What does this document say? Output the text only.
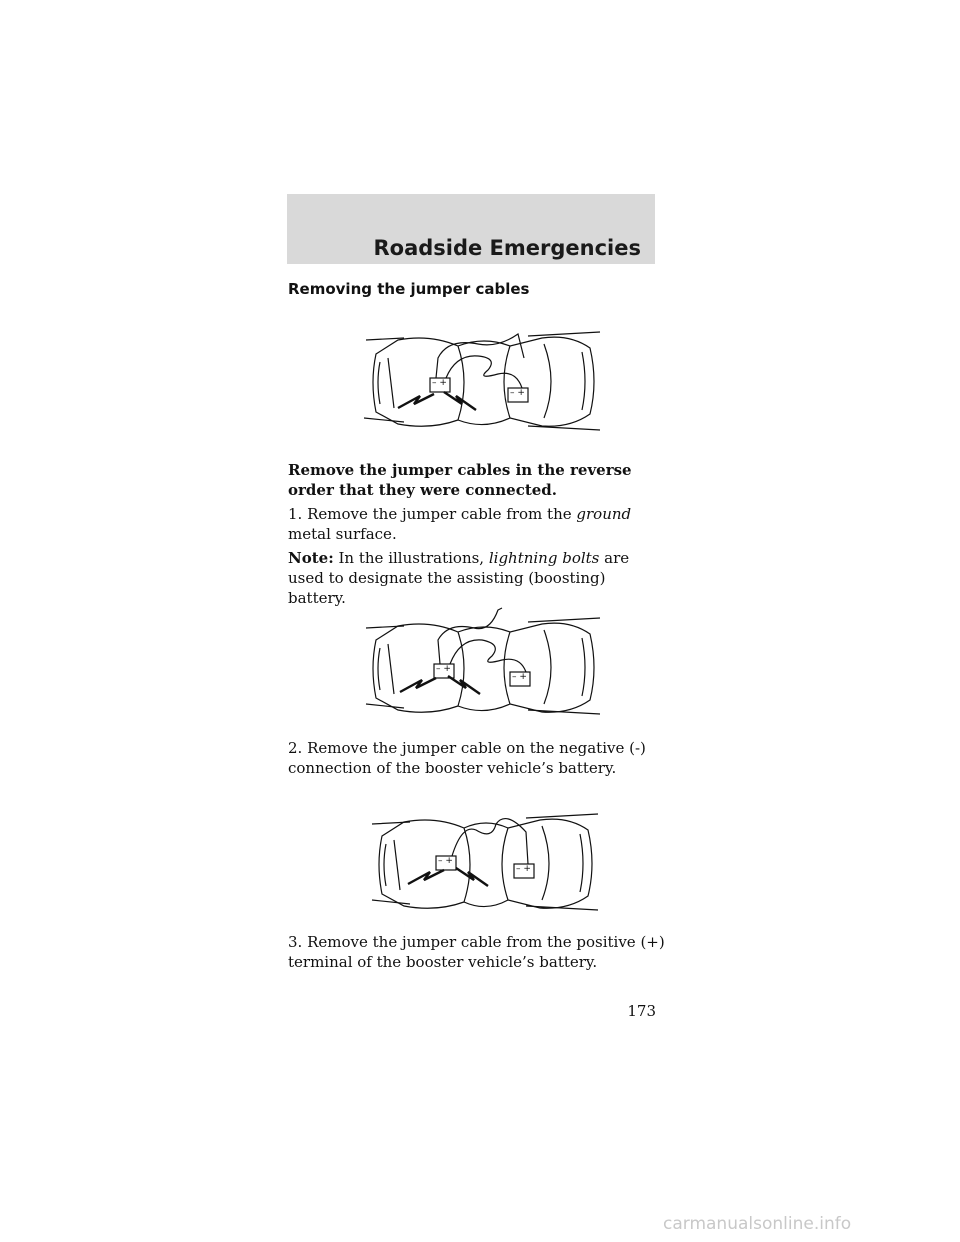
Roadside Emergencies
Removing the jumper cables
– +
– +
Remove the jumper cables in the reverse order that they were connected.
1. Remove the jumper cable from the ground metal surface.
Note: In the illustrations, lightning bolts are used to designate the assisting (boosting) battery.
– +
– +
2. Remove the jumper cable on the negative (-) connection of the booster vehicle’s battery.
– +
– +
3. Remove the jumper cable from the positive (+) terminal of the booster vehicle’s battery.
173
carmanualsonline.info
